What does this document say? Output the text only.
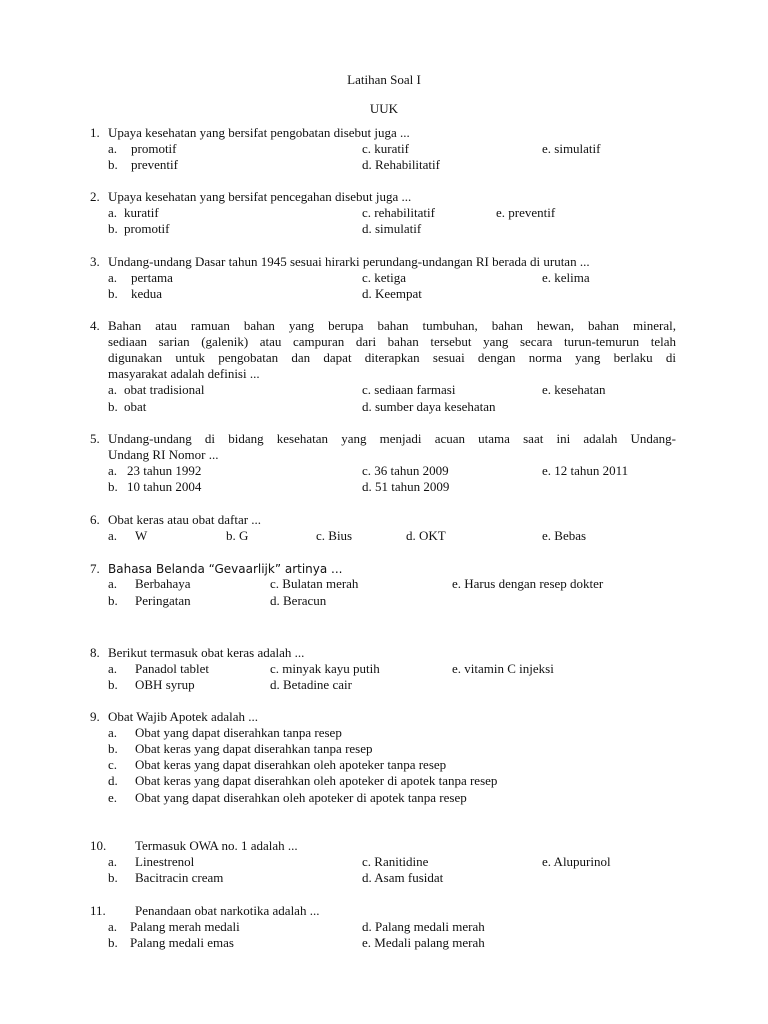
Latihan Soal I
UUK
1. Upaya kesehatan yang bersifat pengobatan disebut juga ...
a. promotif
b. preventif
c. kuratif
d. Rehabilitatif
e. simulatif
2. Upaya kesehatan yang bersifat pencegahan disebut juga ...
a. kuratif
b. promotif
c. rehabilitatif
d. simulatif
e. preventif
3. Undang-undang Dasar tahun 1945 sesuai hirarki perundang-undangan RI berada di urutan ...
a. pertama
b. kedua
c. ketiga
d. Keempat
e. kelima
4. Bahan atau ramuan bahan yang berupa bahan tumbuhan, bahan hewan, bahan mineral,
sediaan sarian (galenik) atau campuran dari bahan tersebut yang secara turun-temurun telah
digunakan untuk pengobatan dan dapat diterapkan sesuai dengan norma yang berlaku di
masyarakat adalah definisi ...
a. obat tradisional
b. obat
c. sediaan farmasi
d. sumber daya kesehatan
e. kesehatan
5. Undang-undang di bidang kesehatan yang menjadi acuan utama saat ini adalah Undang-
Undang RI Nomor ...
a. 23 tahun 1992
b. 10 tahun 2004
c. 36 tahun 2009
d. 51 tahun 2009
e. 12 tahun 2011
6. Obat keras atau obat daftar ...
a. W	b. G	c. Bius	d. OKT	e. Bebas
7. Bahasa Belanda “Gevaarlijk” artinya ...
a. Berbahaya
b. Peringatan
c. Bulatan merah
d. Beracun
e. Harus dengan resep dokter
8. Berikut termasuk obat keras adalah ...
a. Panadol tablet
b. OBH syrup
c. minyak kayu putih
d. Betadine cair
e. vitamin C injeksi
9. Obat Wajib Apotek adalah ...
a. Obat yang dapat diserahkan tanpa resep
b. Obat keras yang dapat diserahkan tanpa resep
c. Obat keras yang dapat diserahkan oleh apoteker tanpa resep
d. Obat keras yang dapat diserahkan oleh apoteker di apotek tanpa resep
e. Obat yang dapat diserahkan oleh apoteker di apotek tanpa resep
10. Termasuk OWA no. 1 adalah ...
a. Linestrenol
b. Bacitracin cream
c. Ranitidine
d. Asam fusidat
e. Alupurinol
11. Penandaan obat narkotika adalah ...
a. Palang merah medali
b. Palang medali emas
d. Palang medali merah
e. Medali palang merah
